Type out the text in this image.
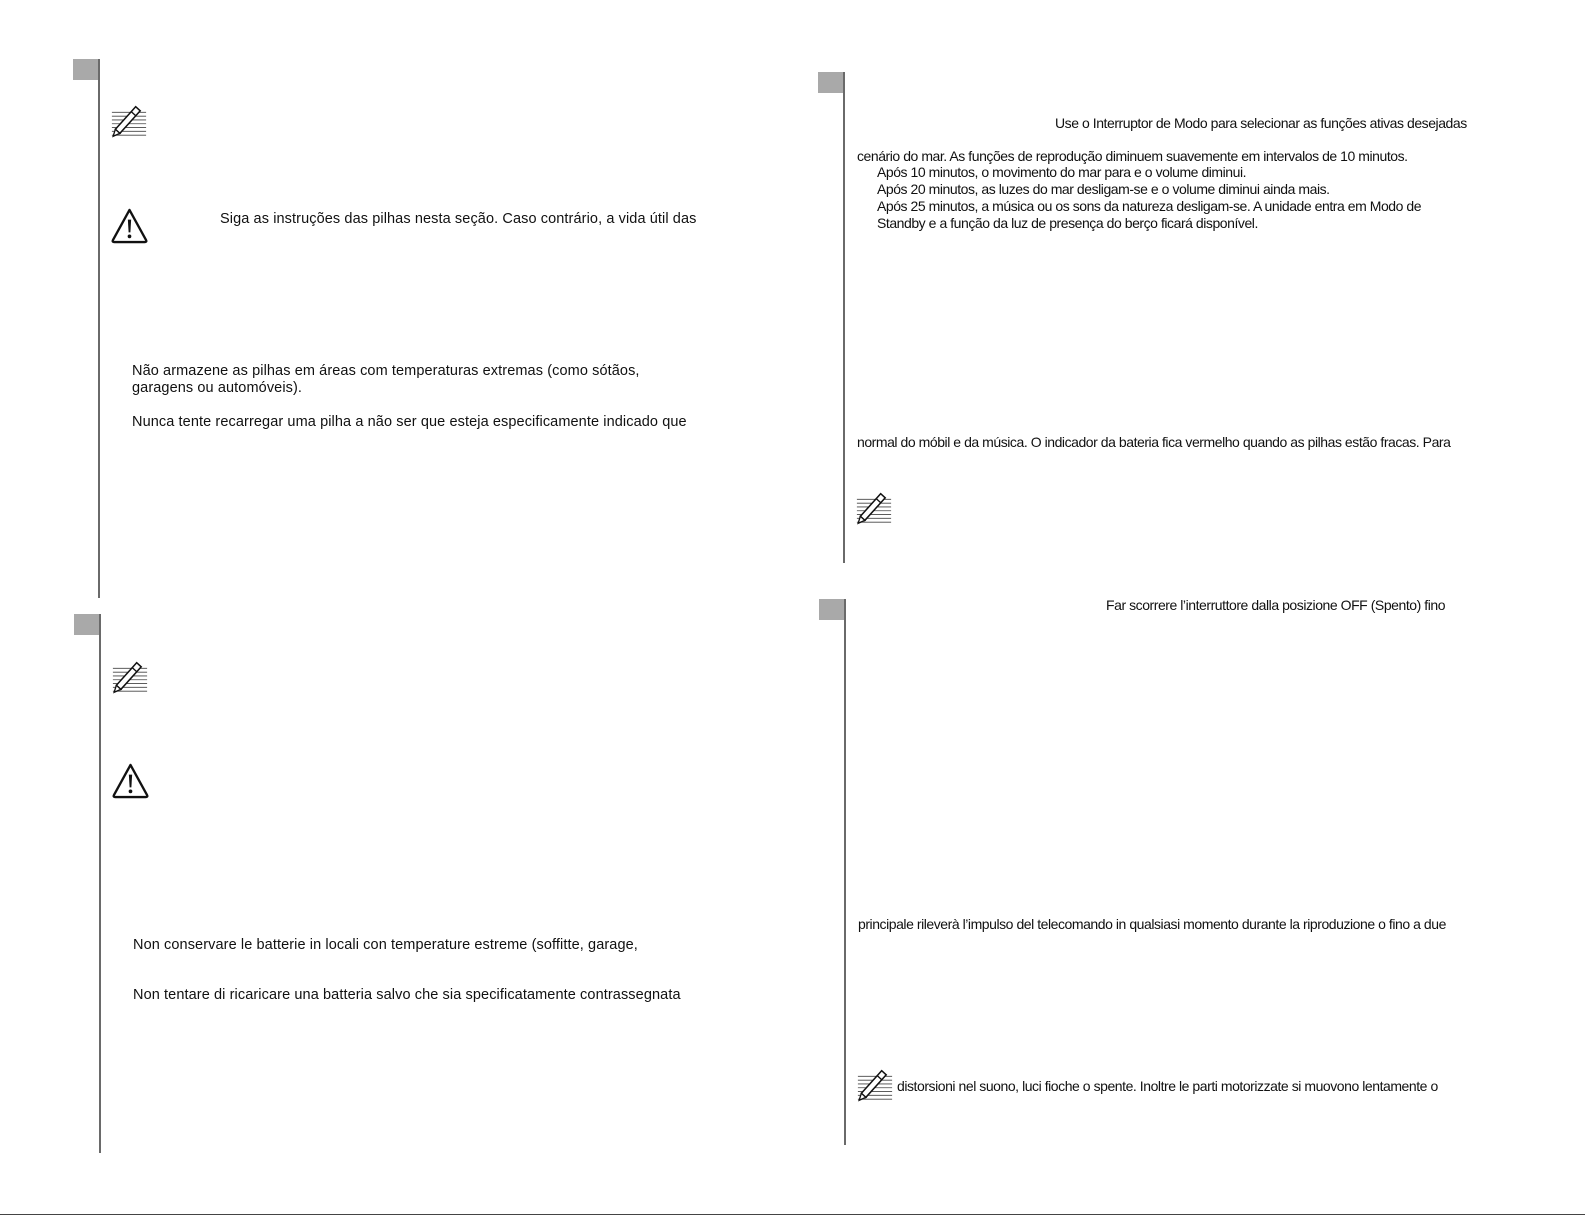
Siga as instruções das pilhas nesta seção. Caso contrário, a vida útil das
Não armazene as pilhas em áreas com temperaturas extremas (como sótãos,
garagens ou automóveis).
Nunca tente recarregar uma pilha a não ser que esteja especificamente indicado que
Use o Interruptor de Modo para selecionar as funções ativas desejadas
cenário do mar. As funções de reprodução diminuem suavemente em intervalos de 10 minutos.
Após 10 minutos, o movimento do mar para e o volume diminui.
Após 20 minutos, as luzes do mar desligam-se e o volume diminui ainda mais.
Após 25 minutos, a música ou os sons da natureza desligam-se. A unidade entra em Modo de
Standby e a função da luz de presença do berço ficará disponível.
normal do móbil e da música. O indicador da bateria fica vermelho quando as pilhas estão fracas. Para
Non conservare le batterie in locali con temperature estreme (soffitte, garage,
Non tentare di ricaricare una batteria salvo che sia specificatamente contrassegnata
Far scorrere l’interruttore dalla posizione OFF (Spento) fino
principale rileverà l’impulso del telecomando in qualsiasi momento durante la riproduzione o fino a due
distorsioni nel suono, luci fioche o spente. Inoltre le parti motorizzate si muovono lentamente o
